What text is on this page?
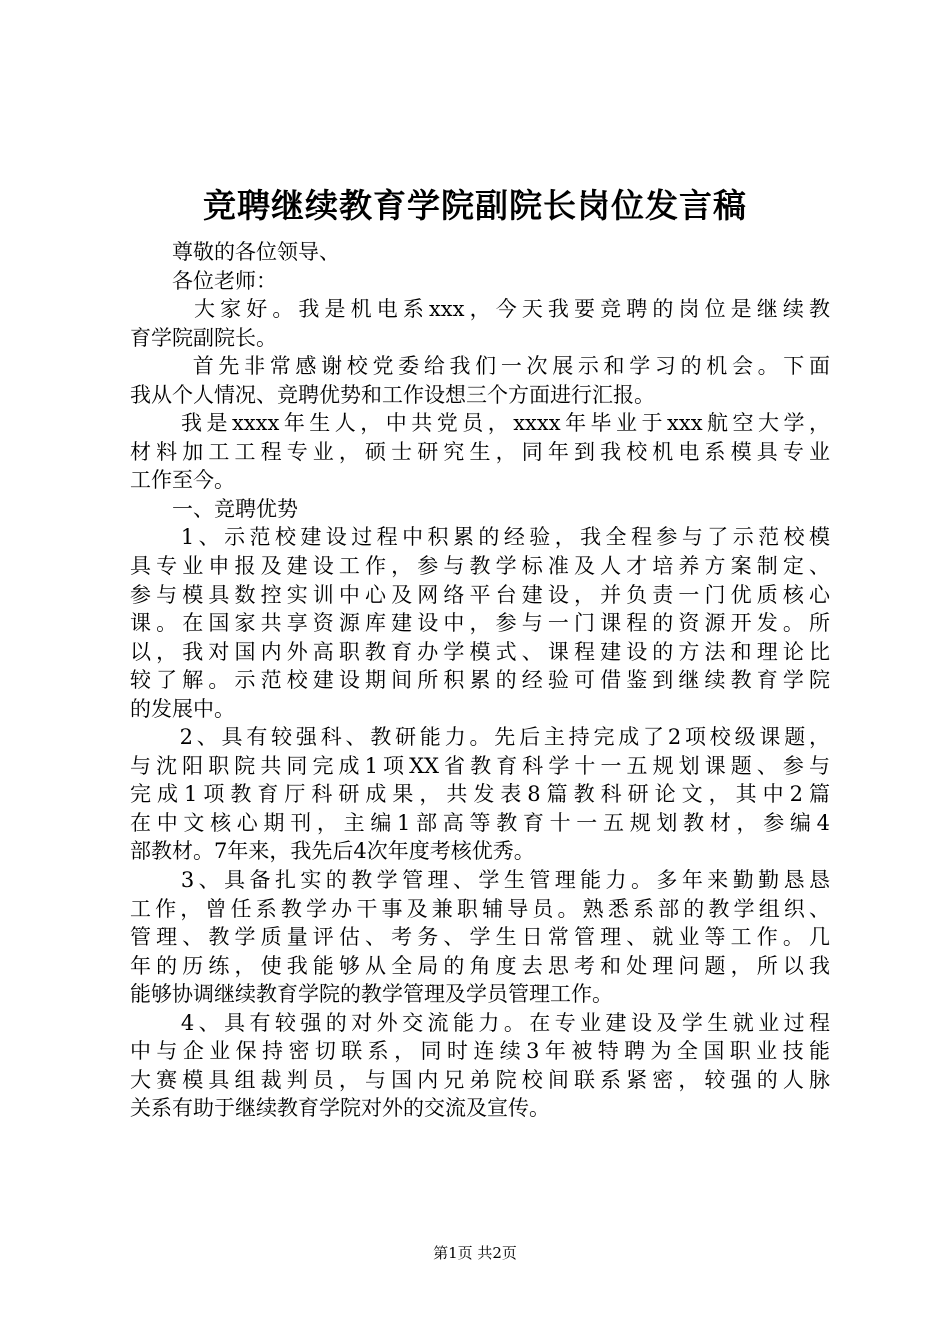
竞聘继续教育学院副院长岗位发言稿
　　尊敬的各位领导、
　　各位老师：
　　 大家好。我是机电系xxx，今天我要竞聘的岗位是继续教
育学院副院长。
　　 首先非常感谢校党委给我们一次展示和学习的机会。下面
我从个人情况、竞聘优势和工作设想三个方面进行汇报。
　　我是xxxx年生人，中共党员，xxxx年毕业于xxx航空大学，
材料加工工程专业，硕士研究生，同年到我校机电系模具专业
工作至今。
　　一、竞聘优势
　　1、示范校建设过程中积累的经验，我全程参与了示范校模
具专业申报及建设工作，参与教学标准及人才培养方案制定、
参与模具数控实训中心及网络平台建设，并负责一门优质核心
课。在国家共享资源库建设中，参与一门课程的资源开发。所
以，我对国内外高职教育办学模式、课程建设的方法和理论比
较了解。示范校建设期间所积累的经验可借鉴到继续教育学院
的发展中。
　　2、具有较强科、教研能力。先后主持完成了2项校级课题，
与沈阳职院共同完成1项XX省教育科学十一五规划课题、参与
完成1项教育厅科研成果，共发表8篇教科研论文，其中2篇
在中文核心期刊，主编1部高等教育十一五规划教材，参编4
部教材。7年来，我先后4次年度考核优秀。
　　3、具备扎实的教学管理、学生管理能力。多年来勤勤恳恳
工作，曾任系教学办干事及兼职辅导员。熟悉系部的教学组织、
管理、教学质量评估、考务、学生日常管理、就业等工作。几
年的历练，使我能够从全局的角度去思考和处理问题，所以我
能够协调继续教育学院的教学管理及学员管理工作。
　　4、具有较强的对外交流能力。在专业建设及学生就业过程
中与企业保持密切联系，同时连续3年被特聘为全国职业技能
大赛模具组裁判员，与国内兄弟院校间联系紧密，较强的人脉
关系有助于继续教育学院对外的交流及宣传。
第1页 共2页
